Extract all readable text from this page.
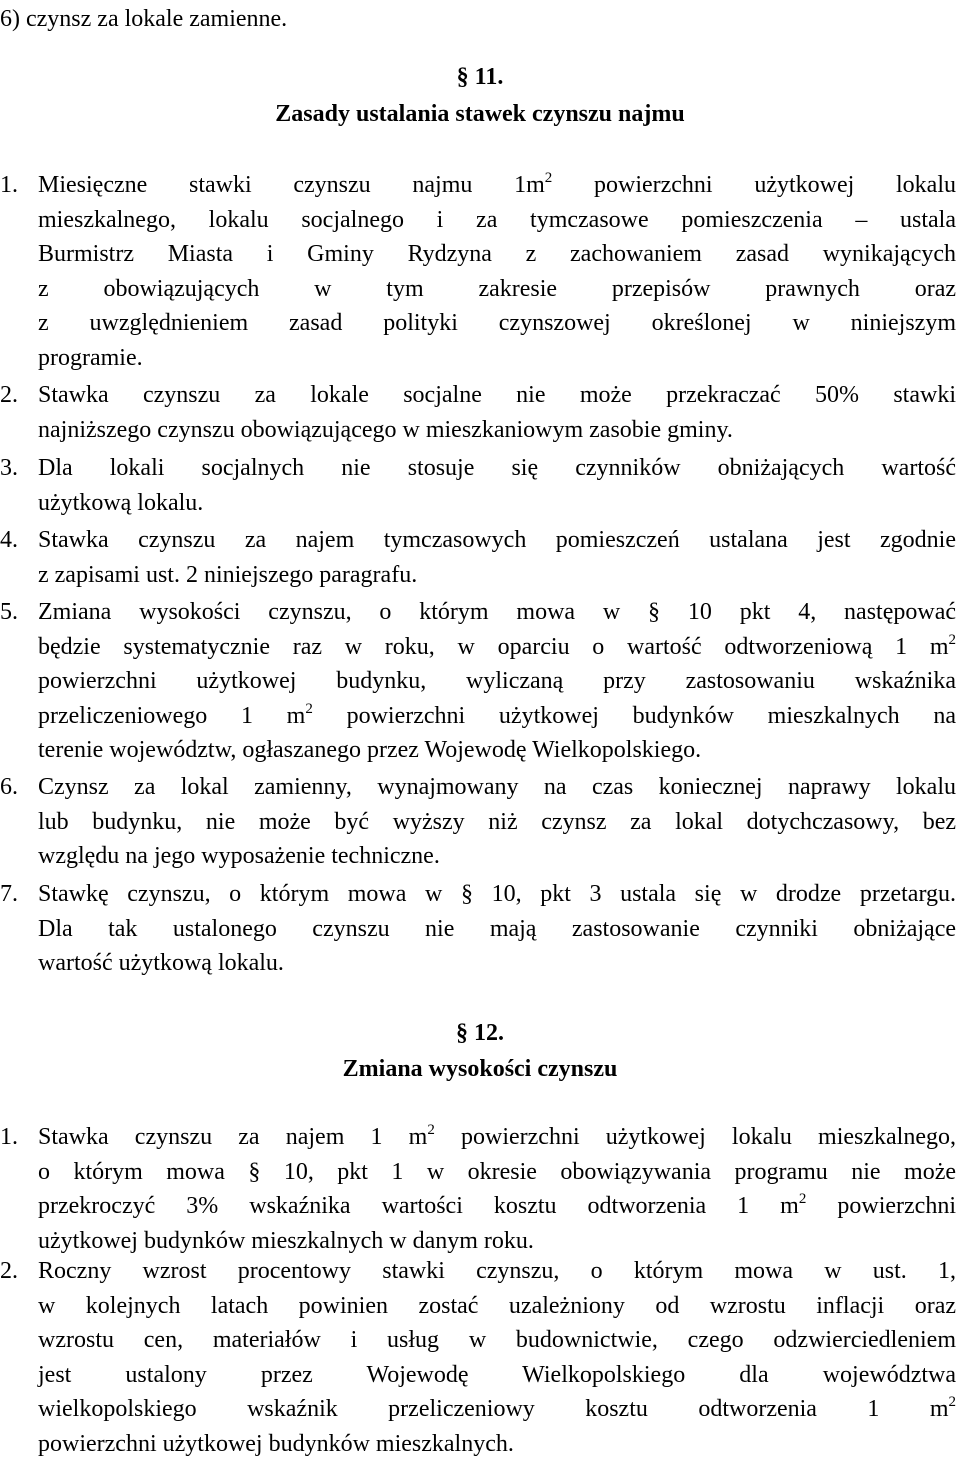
6) czynsz za lokale zamienne.
§ 11.
Zasady ustalania stawek czynszu najmu
1. Miesięczne stawki czynszu najmu $1m^2$ powierzchni użytkowej lokalu
mieszkalnego, lokalu socjalnego i za tymczasowe pomieszczenia – ustala
Burmistrz Miasta i Gminy Rydzyna z zachowaniem zasad wynikających
z obowiązujących w tym zakresie przepisów prawnych oraz
z uwzględnieniem zasad polityki czynszowej określonej w niniejszym
programie.
2. Stawka czynszu za lokale socjalne nie może przekraczać 50% stawki
najniższego czynszu obowiązującego w mieszkaniowym zasobie gminy.
3. Dla lokali socjalnych nie stosuje się czynników obniżających wartość
użytkową lokalu.
4. Stawka czynszu za najem tymczasowych pomieszczeń ustalana jest zgodnie
z zapisami ust. 2 niniejszego paragrafu.
5. Zmiana wysokości czynszu, o którym mowa w § 10 pkt 4, następować
będzie systematycznie raz w roku, w oparciu o wartość odtworzeniową 1 $m^2$
powierzchni użytkowej budynku, wyliczaną przy zastosowaniu wskaźnika
przeliczeniowego 1 $m^2$ powierzchni użytkowej budynków mieszkalnych na
terenie województw, ogłaszanego przez Wojewodę Wielkopolskiego.
6. Czynsz za lokal zamienny, wynajmowany na czas koniecznej naprawy lokalu
lub budynku, nie może być wyższy niż czynsz za lokal dotychczasowy, bez
względu na jego wyposażenie techniczne.
7. Stawkę czynszu, o którym mowa w § 10, pkt 3 ustala się w drodze przetargu.
Dla tak ustalonego czynszu nie mają zastosowanie czynniki obniżające
wartość użytkową lokalu.
§ 12.
Zmiana wysokości czynszu
1. Stawka czynszu za najem 1 $m^2$ powierzchni użytkowej lokalu mieszkalnego,
o którym mowa § 10, pkt 1 w okresie obowiązywania programu nie może
przekroczyć 3% wskaźnika wartości kosztu odtworzenia 1 $m^2$ powierzchni
użytkowej budynków mieszkalnych w danym roku.
2. Roczny wzrost procentowy stawki czynszu, o którym mowa w ust. 1,
w kolejnych latach powinien zostać uzależniony od wzrostu inflacji oraz
wzrostu cen, materiałów i usług w budownictwie, czego odzwierciedleniem
jest ustalony przez Wojewodę Wielkopolskiego dla województwa
wielkopolskiego wskaźnik przeliczeniowy kosztu odtworzenia 1 $m^2$
powierzchni użytkowej budynków mieszkalnych.
